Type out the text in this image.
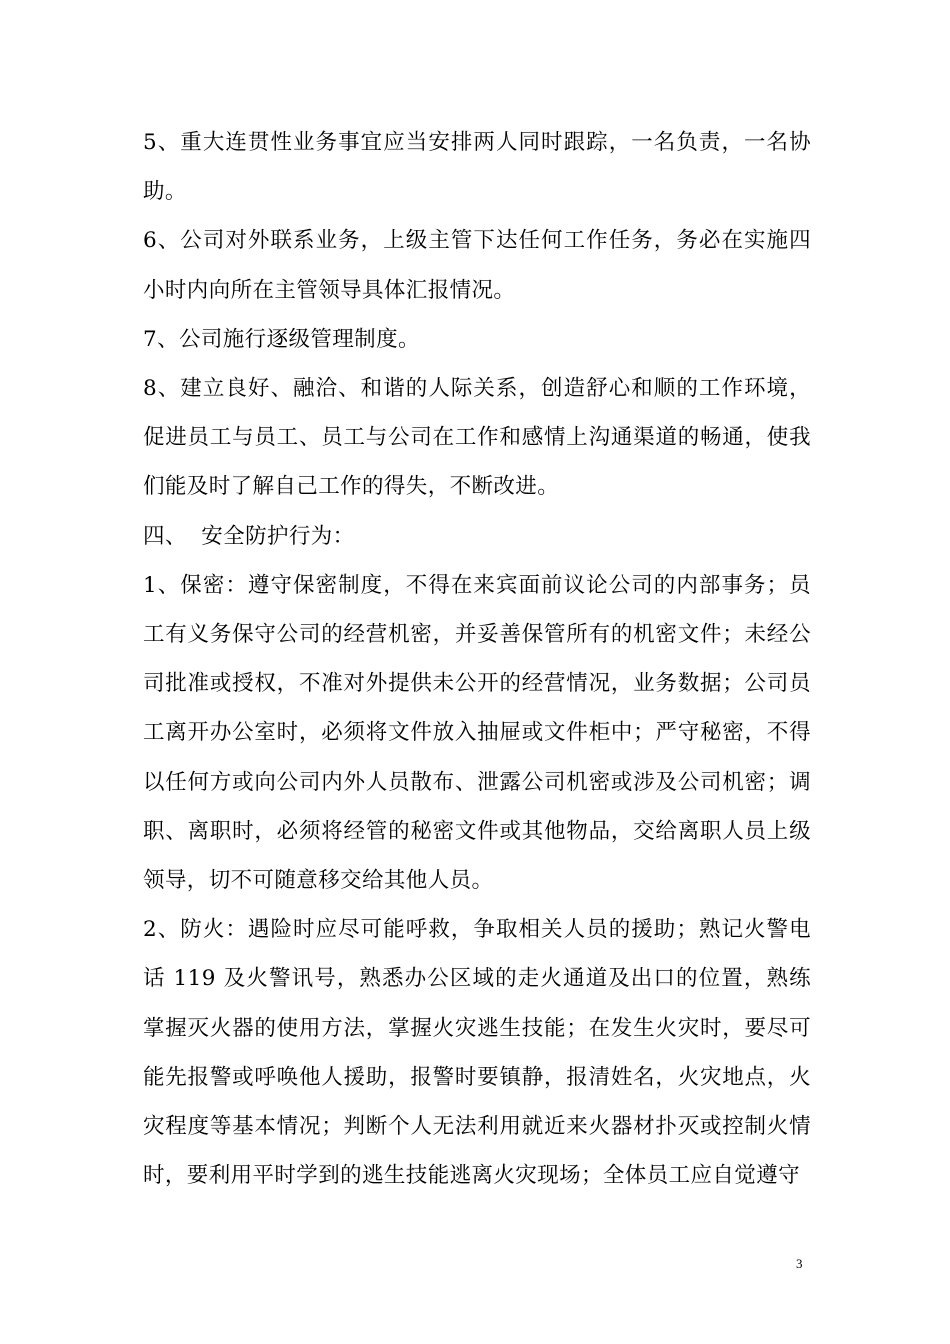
5、重大连贯性业务事宜应当安排两人同时跟踪，一名负责，一名协助。

6、公司对外联系业务，上级主管下达任何工作任务，务必在实施四小时内向所在主管领导具体汇报情况。

7、公司施行逐级管理制度。

8、建立良好、融洽、和谐的人际关系，创造舒心和顺的工作环境，促进员工与员工、员工与公司在工作和感情上沟通渠道的畅通，使我们能及时了解自己工作的得失，不断改进。

四、  安全防护行为：

1、保密：遵守保密制度，不得在来宾面前议论公司的内部事务；员工有义务保守公司的经营机密，并妥善保管所有的机密文件；未经公司批准或授权，不准对外提供未公开的经营情况，业务数据；公司员工离开办公室时，必须将文件放入抽屉或文件柜中；严守秘密，不得以任何方或向公司内外人员散布、泄露公司机密或涉及公司机密；调职、离职时，必须将经管的秘密文件或其他物品，交给离职人员上级领导，切不可随意移交给其他人员。

2、防火：遇险时应尽可能呼救，争取相关人员的援助；熟记火警电话 119 及火警讯号，熟悉办公区域的走火通道及出口的位置，熟练掌握灭火器的使用方法，掌握火灾逃生技能；在发生火灾时，要尽可能先报警或呼唤他人援助，报警时要镇静，报清姓名，火灾地点，火灾程度等基本情况；判断个人无法利用就近来火器材扑灭或控制火情时，要利用平时学到的逃生技能逃离火灾现场；全体员工应自觉遵守

3
